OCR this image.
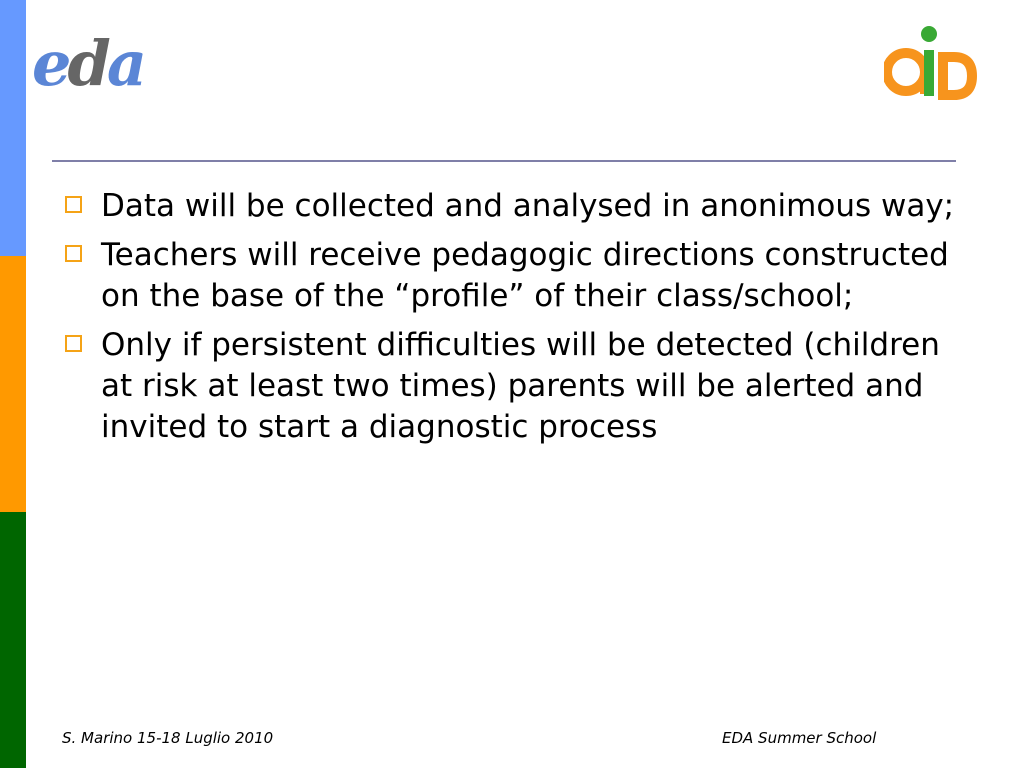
eda
Data will be collected and analysed in anonimous way;
Teachers will receive pedagogic directions constructed on the base of the “profile” of their class/school;
Only if persistent difficulties will be detected (children at risk at least two times) parents will be alerted and invited to start a diagnostic process
S. Marino 15-18 Luglio 2010	EDA Summer School
